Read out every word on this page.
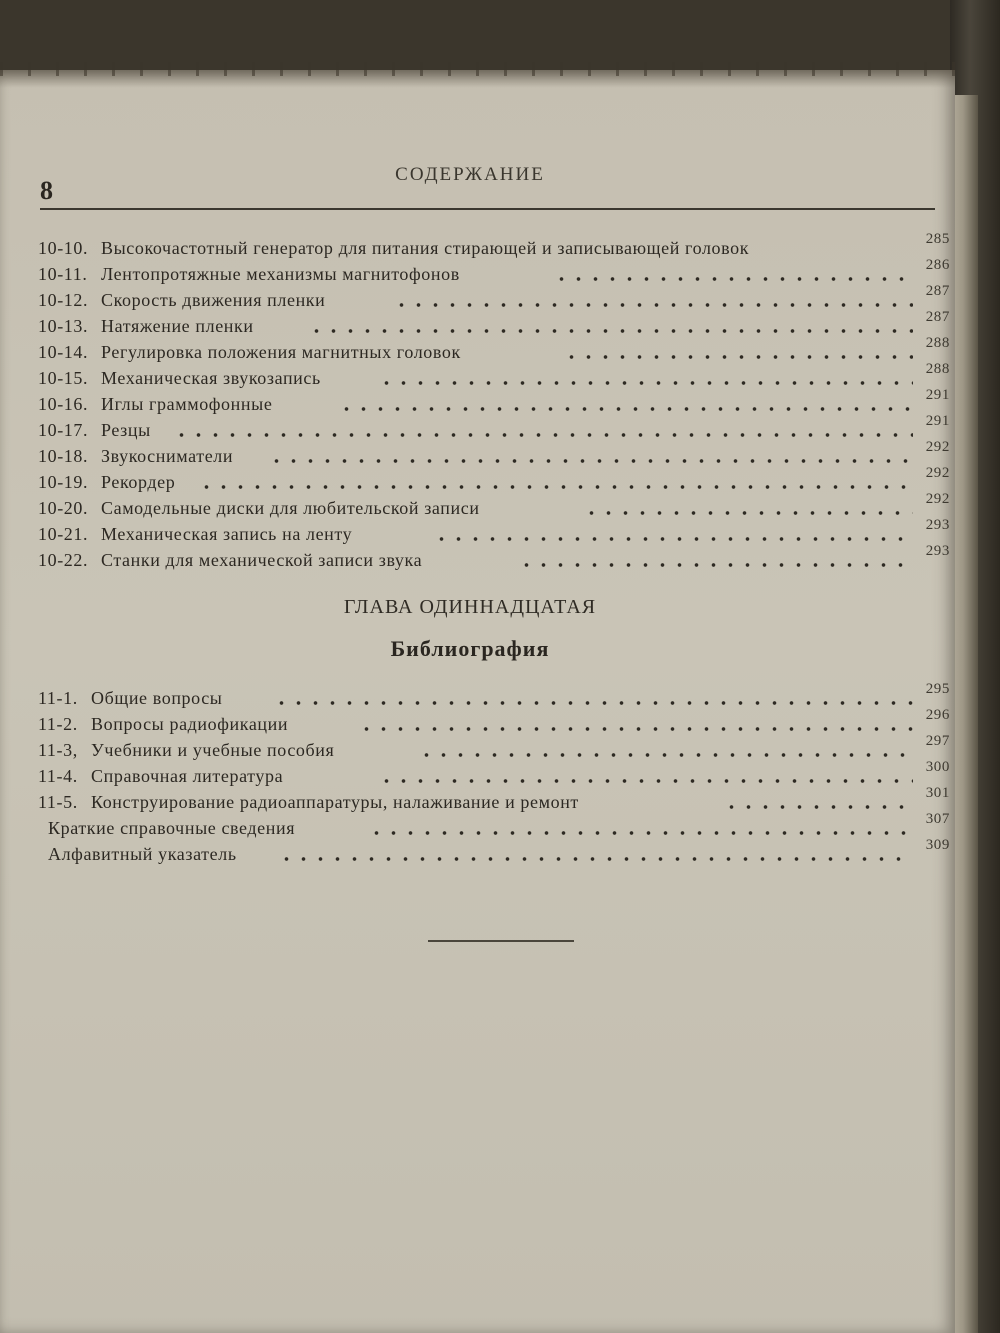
8
СОДЕРЖАНИЕ
10-10. Высокочастотный генератор для питания стирающей и записывающей головок	285
10-11. Лентопротяжные механизмы магнитофонов	286
10-12. Скорость движения пленки	287
10-13. Натяжение пленки	287
10-14. Регулировка положения магнитных головок	288
10-15. Механическая звукозапись	288
10-16. Иглы граммофонные	291
10-17. Резцы	291
10-18. Звукосниматели	292
10-19. Рекордер	292
10-20. Самодельные диски для любительской записи	292
10-21. Механическая запись на ленту	293
10-22. Станки для механической записи звука	293
ГЛАВА ОДИННАДЦАТАЯ
Библиография
11-1. Общие вопросы	295
11-2. Вопросы радиофикации	296
11-3, Учебники и учебные пособия	297
11-4. Справочная литература	300
11-5. Конструирование радиоаппаратуры, налаживание и ремонт	301
Краткие справочные сведения	307
Алфавитный указатель	309
